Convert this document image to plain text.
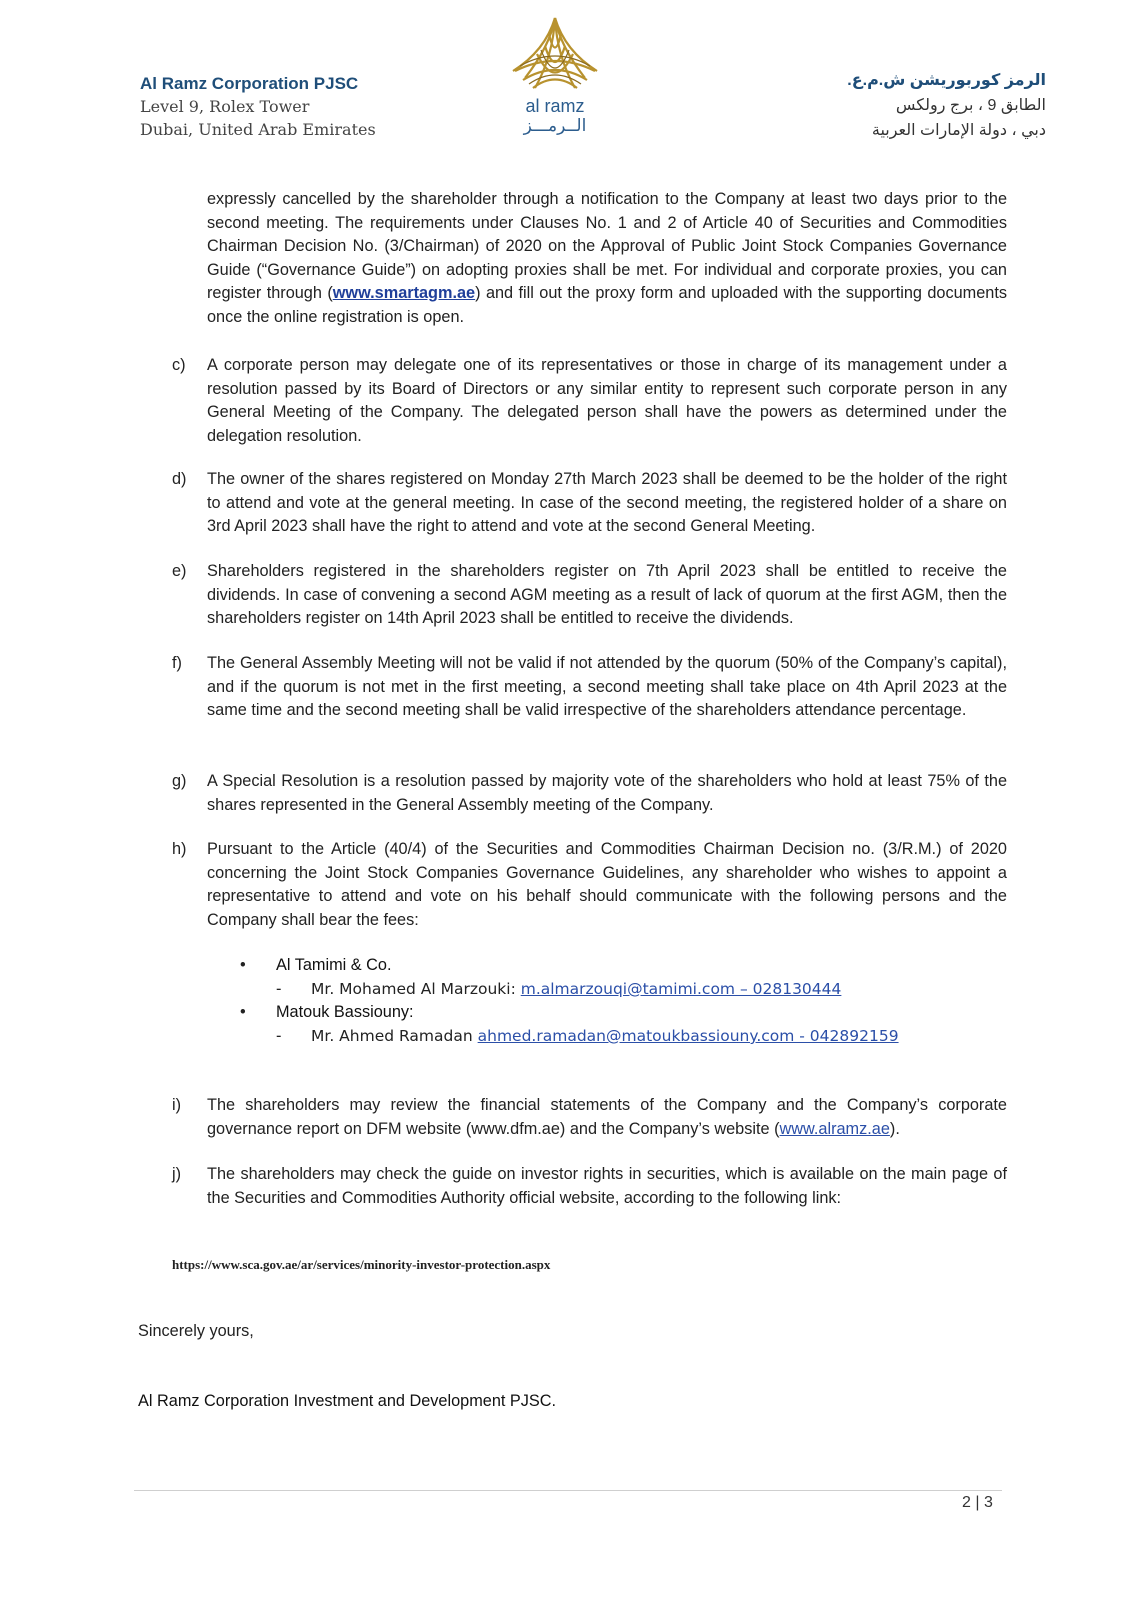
Al Ramz Corporation PJSC
Level 9, Rolex Tower
Dubai, United Arab Emirates
al ramz
الــرمـــز
الرمز كوربوريشن ش.م.ع.
الطابق 9 ، برج رولكس
دبي ، دولة الإمارات العربية
expressly cancelled by the shareholder through a notification to the Company at least two days prior to the second meeting. The requirements under Clauses No. 1 and 2 of Article 40 of Securities and Commodities Chairman Decision No. (3/Chairman) of 2020 on the Approval of Public Joint Stock Companies Governance Guide (“Governance Guide”) on adopting proxies shall be met. For individual and corporate proxies, you can register through (www.smartagm.ae) and fill out the proxy form and uploaded with the supporting documents once the online registration is open.
c) A corporate person may delegate one of its representatives or those in charge of its management under a resolution passed by its Board of Directors or any similar entity to represent such corporate person in any General Meeting of the Company. The delegated person shall have the powers as determined under the delegation resolution.
d) The owner of the shares registered on Monday 27th March 2023 shall be deemed to be the holder of the right to attend and vote at the general meeting. In case of the second meeting, the registered holder of a share on 3rd April 2023 shall have the right to attend and vote at the second General Meeting.
e) Shareholders registered in the shareholders register on 7th April 2023 shall be entitled to receive the dividends. In case of convening a second AGM meeting as a result of lack of quorum at the first AGM, then the shareholders register on 14th April 2023 shall be entitled to receive the dividends.
f) The General Assembly Meeting will not be valid if not attended by the quorum (50% of the Company’s capital), and if the quorum is not met in the first meeting, a second meeting shall take place on 4th April 2023 at the same time and the second meeting shall be valid irrespective of the shareholders attendance percentage.
g) A Special Resolution is a resolution passed by majority vote of the shareholders who hold at least 75% of the shares represented in the General Assembly meeting of the Company.
h) Pursuant to the Article (40/4) of the Securities and Commodities Chairman Decision no. (3/R.M.) of 2020 concerning the Joint Stock Companies Governance Guidelines, any shareholder who wishes to appoint a representative to attend and vote on his behalf should communicate with the following persons and the Company shall bear the fees:
• Al Tamimi & Co.
- Mr. Mohamed Al Marzouki: m.almarzouqi@tamimi.com – 028130444
• Matouk Bassiouny:
- Mr. Ahmed Ramadan ahmed.ramadan@matoukbassiouny.com - 042892159
i) The shareholders may review the financial statements of the Company and the Company’s corporate governance report on DFM website (www.dfm.ae) and the Company’s website (www.alramz.ae).
j) The shareholders may check the guide on investor rights in securities, which is available on the main page of the Securities and Commodities Authority official website, according to the following link:
https://www.sca.gov.ae/ar/services/minority-investor-protection.aspx
Sincerely yours,
Al Ramz Corporation Investment and Development PJSC.
2 | 3
